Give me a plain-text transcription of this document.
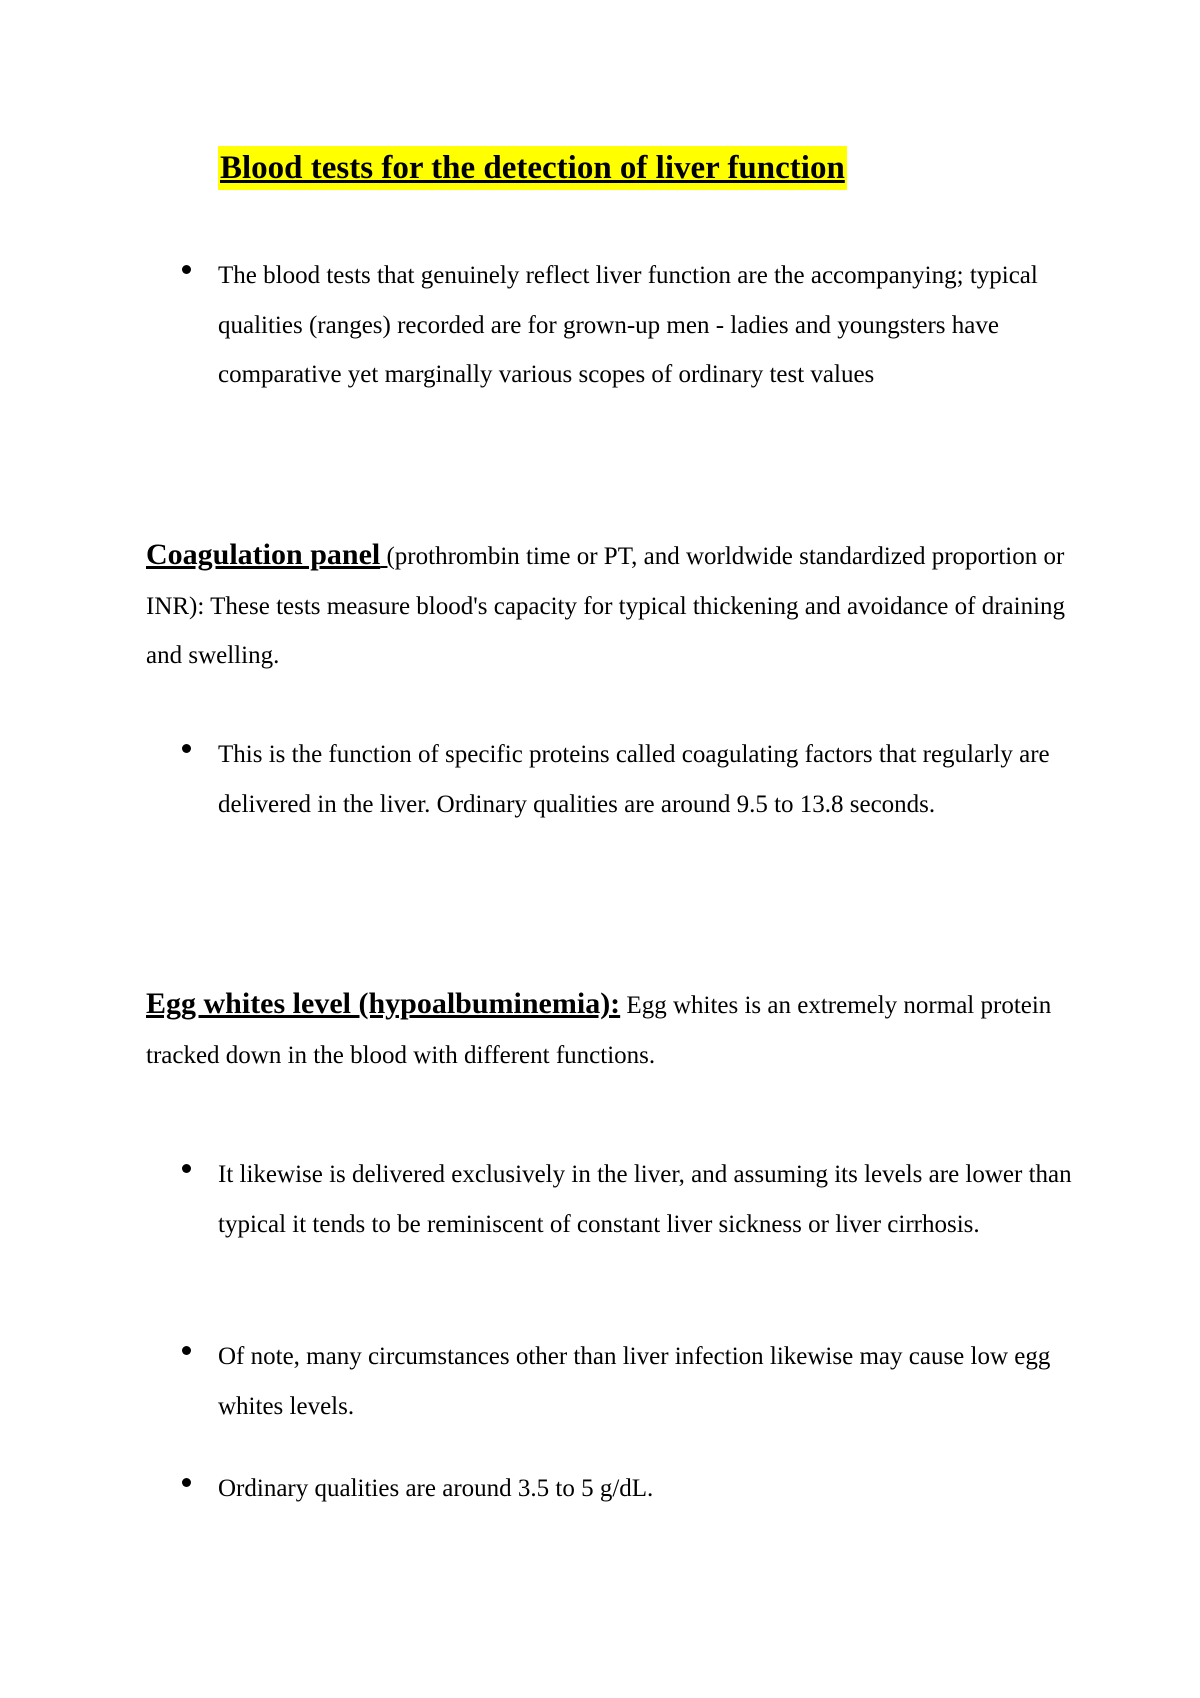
Blood tests for the detection of liver function
The blood tests that genuinely reflect liver function are the accompanying; typical qualities (ranges) recorded are for grown-up men - ladies and youngsters have comparative yet marginally various scopes of ordinary test values
Coagulation panel (prothrombin time or PT, and worldwide standardized proportion or INR): These tests measure blood's capacity for typical thickening and avoidance of draining and swelling.
This is the function of specific proteins called coagulating factors that regularly are delivered in the liver. Ordinary qualities are around 9.5 to 13.8 seconds.
Egg whites level (hypoalbuminemia): Egg whites is an extremely normal protein tracked down in the blood with different functions.
It likewise is delivered exclusively in the liver, and assuming its levels are lower than typical it tends to be reminiscent of constant liver sickness or liver cirrhosis.
Of note, many circumstances other than liver infection likewise may cause low egg whites levels.
Ordinary qualities are around 3.5 to 5 g/dL.
